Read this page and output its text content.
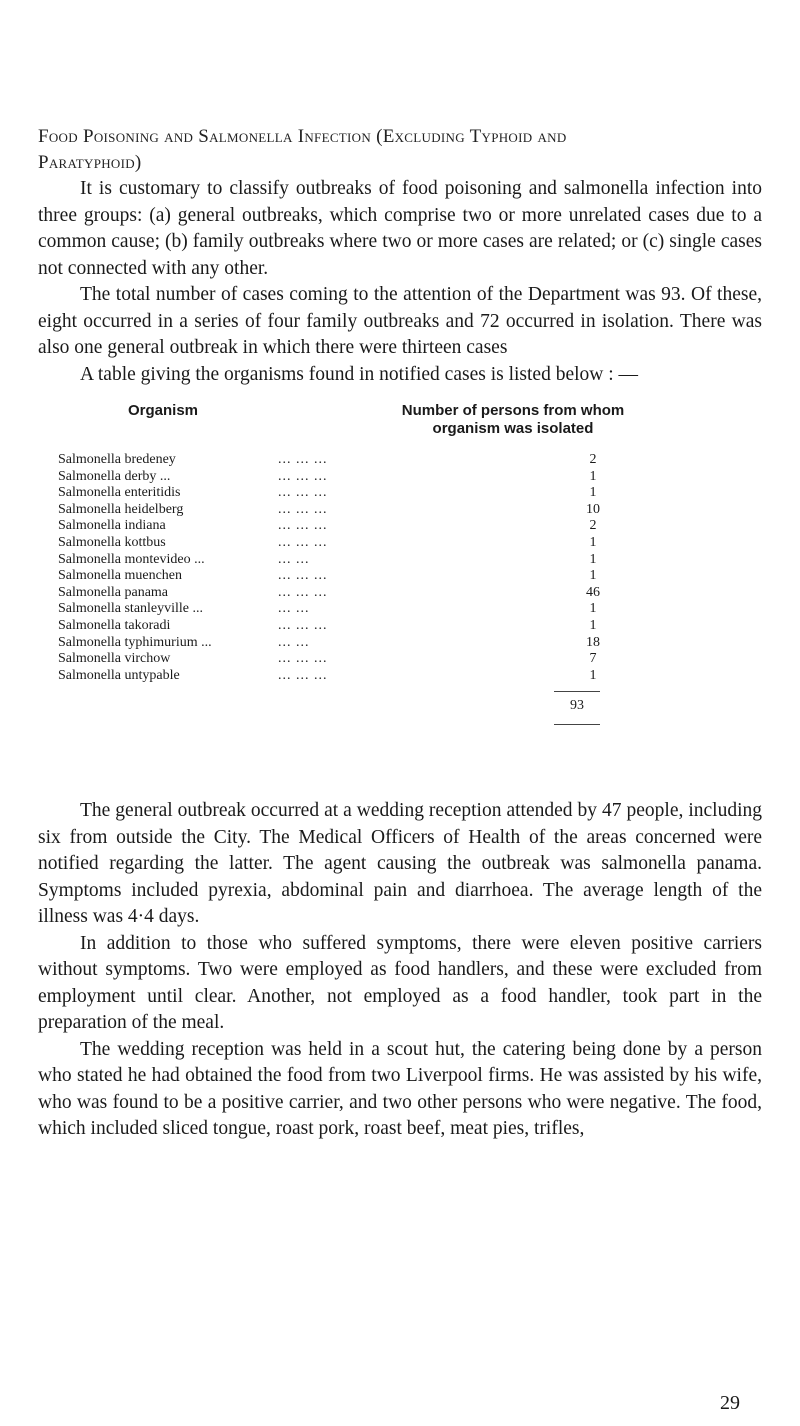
Food Poisoning and Salmonella Infection (Excluding Typhoid and
Paratyphoid)

It is customary to classify outbreaks of food poisoning and salmonella infection into three groups: (a) general outbreaks, which comprise two or more unrelated cases due to a common cause; (b) family outbreaks where two or more cases are related; or (c) single cases not connected with any other.

The total number of cases coming to the attention of the Department was 93. Of these, eight occurred in a series of four family outbreaks and 72 occurred in isolation. There was also one general outbreak in which there were thirteen cases

A table giving the organisms found in notified cases is listed below : —

Organism	Number of persons from whom
organism was isolated
Salmonella bredeney	... ... ...	2
Salmonella derby ...	... ... ...	1
Salmonella enteritidis	... ... ...	1
Salmonella heidelberg	... ... ...	10
Salmonella indiana	... ... ...	2
Salmonella kottbus	... ... ...	1
Salmonella montevideo ...	... ...	1
Salmonella muenchen	... ... ...	1
Salmonella panama	... ... ...	46
Salmonella stanleyville ...	... ...	1
Salmonella takoradi	... ... ...	1
Salmonella typhimurium ...	... ...	18
Salmonella virchow	... ... ...	7
Salmonella untypable	... ... ...	1
93

The general outbreak occurred at a wedding reception attended by 47 people, including six from outside the City. The Medical Officers of Health of the areas concerned were notified regarding the latter. The agent causing the outbreak was salmonella panama. Symptoms included pyrexia, abdominal pain and diarrhoea. The average length of the illness was 4·4 days.

In addition to those who suffered symptoms, there were eleven positive carriers without symptoms. Two were employed as food handlers, and these were excluded from employment until clear. Another, not employed as a food handler, took part in the preparation of the meal.

The wedding reception was held in a scout hut, the catering being done by a person who stated he had obtained the food from two Liverpool firms. He was assisted by his wife, who was found to be a positive carrier, and two other persons who were negative. The food, which included sliced tongue, roast pork, roast beef, meat pies, trifles,

29
